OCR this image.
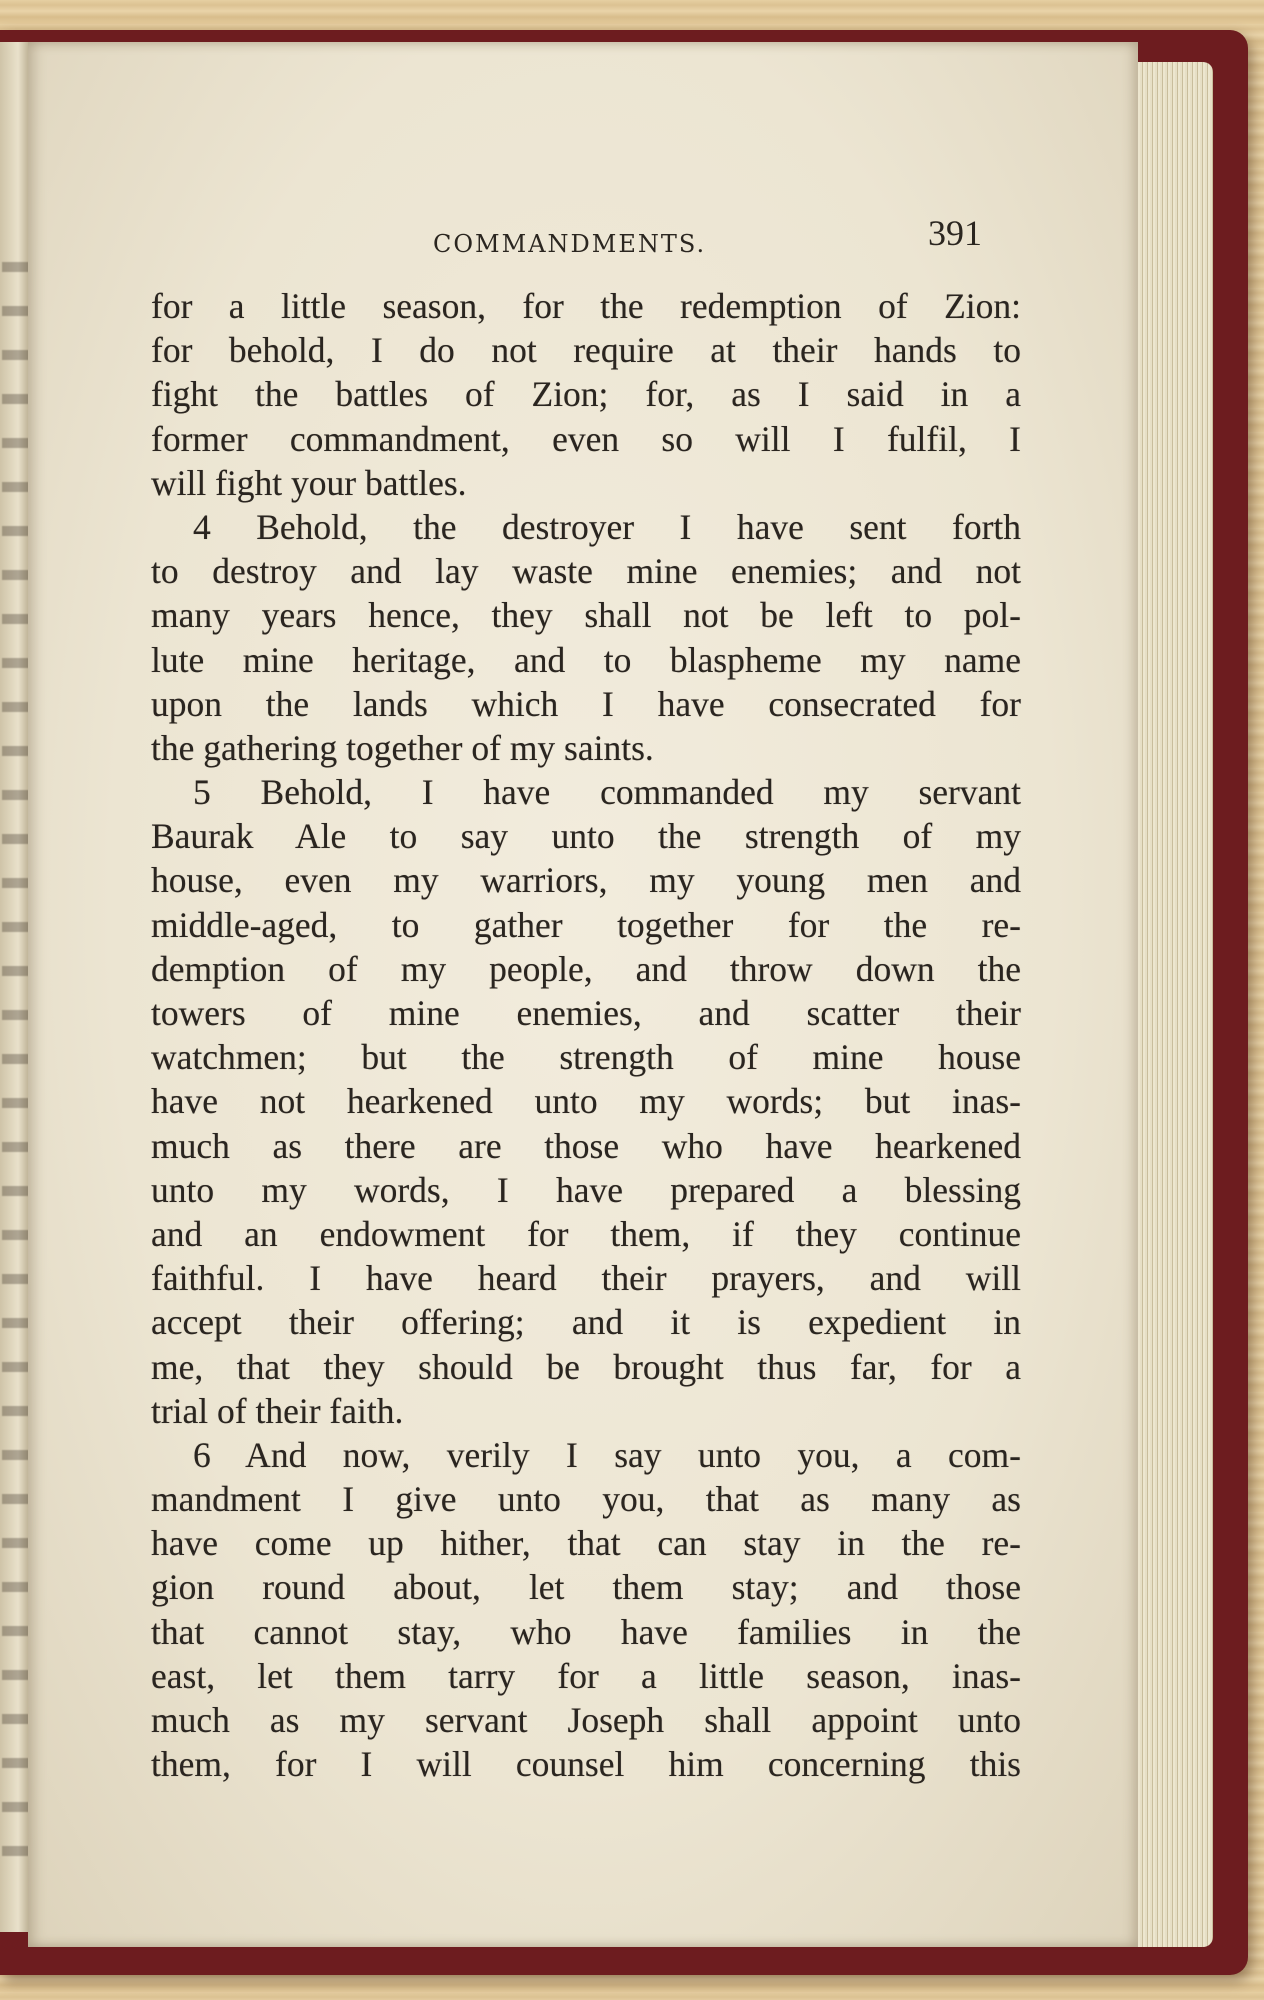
COMMANDMENTS.	391
for a little season, for the redemption of Zion:
for behold, I do not require at their hands to
fight the battles of Zion; for, as I said in a
former commandment, even so will I fulfil, I
will fight your battles.
4 Behold, the destroyer I have sent forth
to destroy and lay waste mine enemies; and not
many years hence, they shall not be left to pol-
lute mine heritage, and to blaspheme my name
upon the lands which I have consecrated for
the gathering together of my saints.
5 Behold, I have commanded my servant
Baurak Ale to say unto the strength of my
house, even my warriors, my young men and
middle-aged, to gather together for the re-
demption of my people, and throw down the
towers of mine enemies, and scatter their
watchmen; but the strength of mine house
have not hearkened unto my words; but inas-
much as there are those who have hearkened
unto my words, I have prepared a blessing
and an endowment for them, if they continue
faithful. I have heard their prayers, and will
accept their offering; and it is expedient in
me, that they should be brought thus far, for a
trial of their faith.
6 And now, verily I say unto you, a com-
mandment I give unto you, that as many as
have come up hither, that can stay in the re-
gion round about, let them stay; and those
that cannot stay, who have families in the
east, let them tarry for a little season, inas-
much as my servant Joseph shall appoint unto
them, for I will counsel him concerning this
